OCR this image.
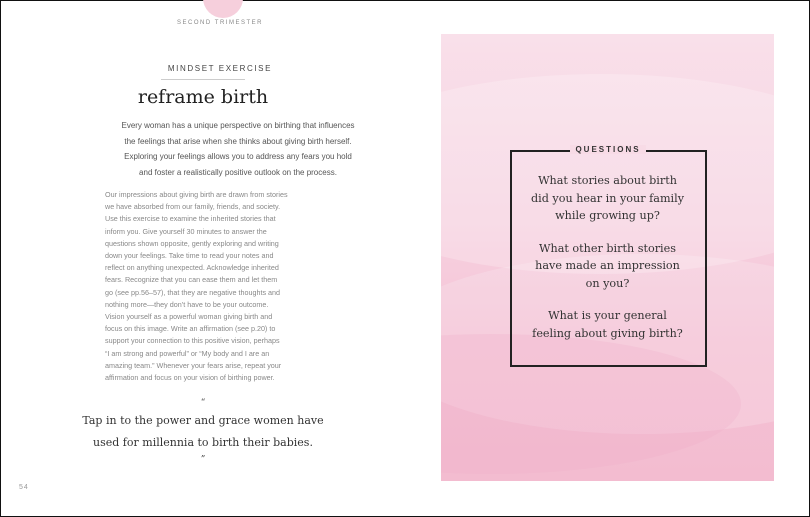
SECOND TRIMESTER
MINDSET EXERCISE
reframe birth
Every woman has a unique perspective on birthing that influences
the feelings that arise when she thinks about giving birth herself.
Exploring your feelings allows you to address any fears you hold
and foster a realistically positive outlook on the process.
Our impressions about giving birth are drawn from stories
we have absorbed from our family, friends, and society.
Use this exercise to examine the inherited stories that
inform you. Give yourself 30 minutes to answer the
questions shown opposite, gently exploring and writing
down your feelings. Take time to read your notes and
reflect on anything unexpected. Acknowledge inherited
fears. Recognize that you can ease them and let them
go (see pp.56–57), that they are negative thoughts and
nothing more—they don’t have to be your outcome.
Vision yourself as a powerful woman giving birth and
focus on this image. Write an affirmation (see p.20) to
support your connection to this positive vision, perhaps
“I am strong and powerful” or “My body and I are an
amazing team.” Whenever your fears arise, repeat your
affirmation and focus on your vision of birthing power.
“
Tap in to the power and grace women have
used for millennia to birth their babies.
”
54
QUESTIONS

What stories about birth
did you hear in your family
while growing up?

What other birth stories
have made an impression
on you?

What is your general
feeling about giving birth?
